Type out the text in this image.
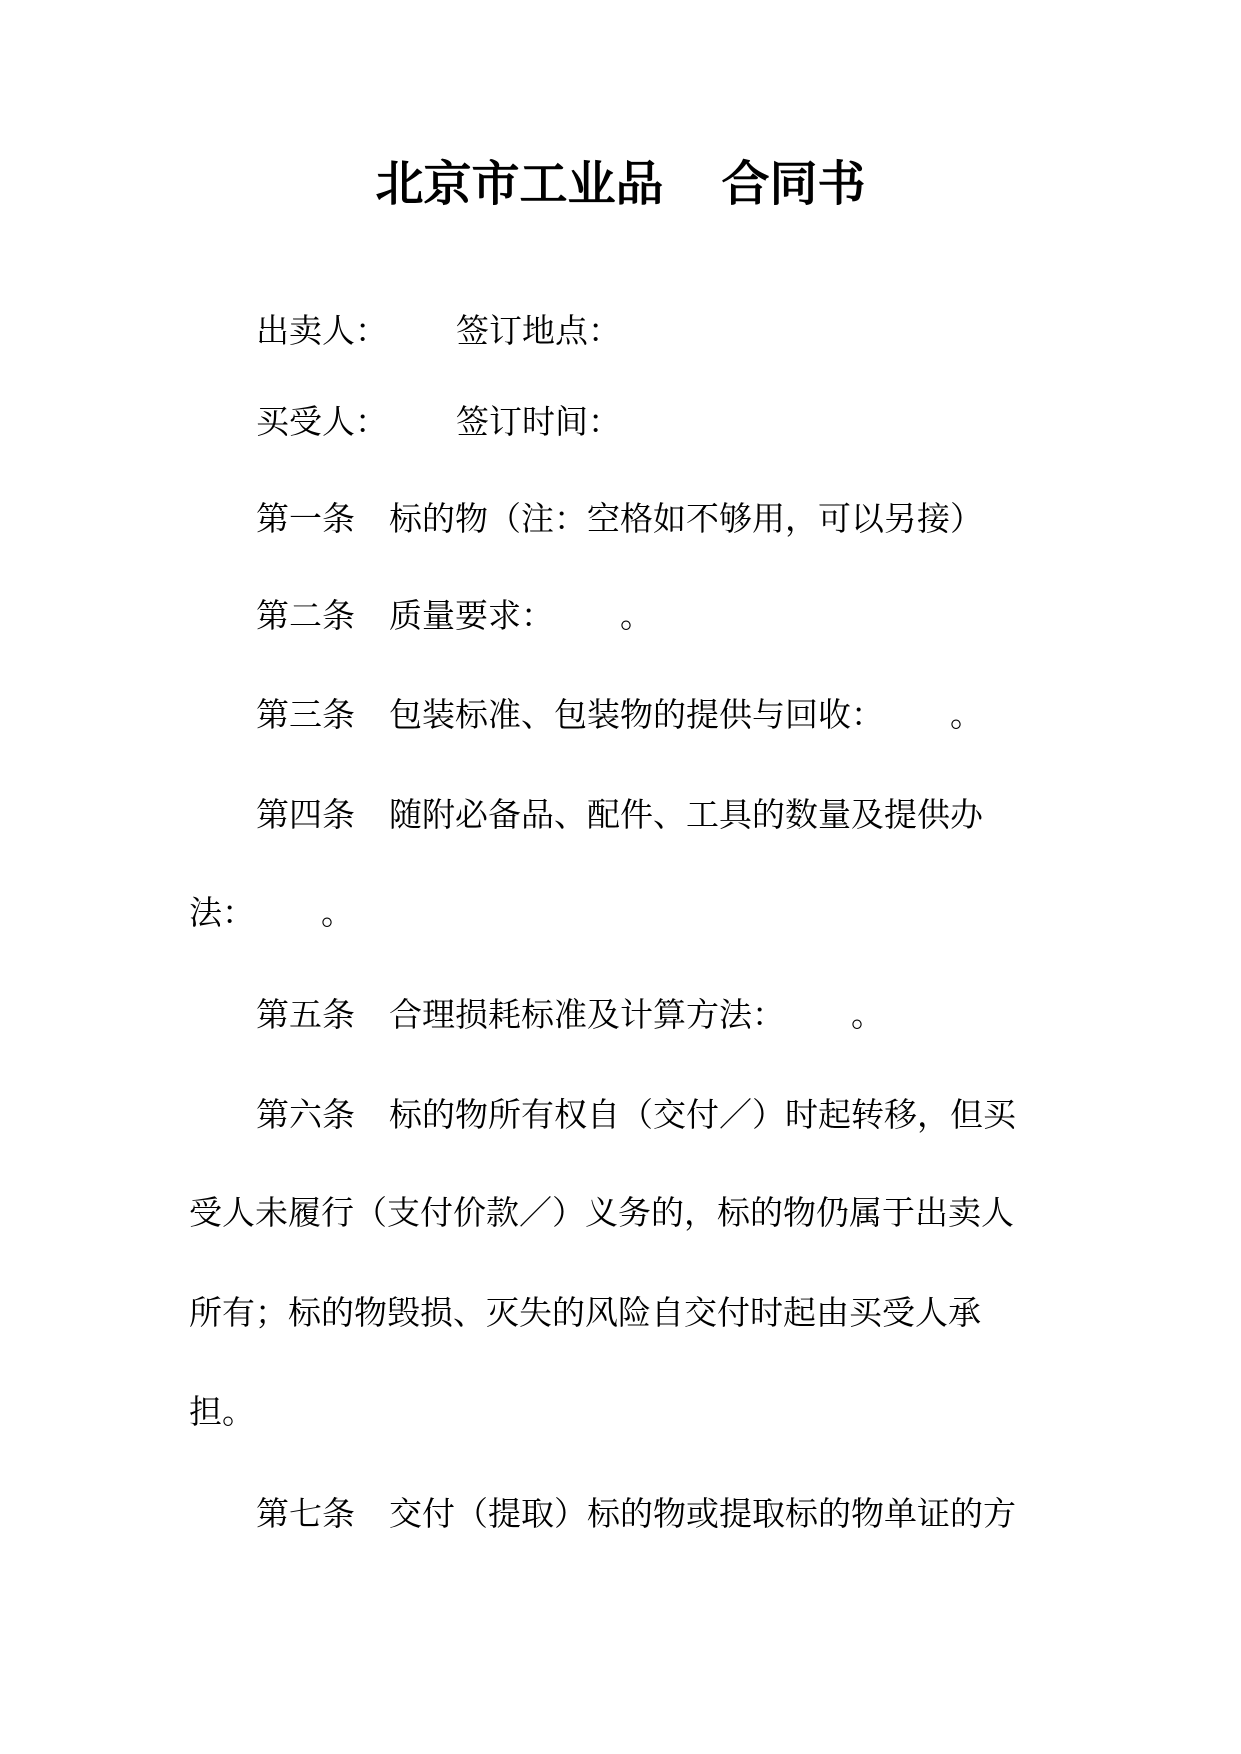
北京市工业品 合同书
出卖人： 签订地点：
买受人： 签订时间：
第一条 标的物（注：空格如不够用，可以另接）
第二条 质量要求： 。
第三条 包装标准、包装物的提供与回收： 。
第四条 随附必备品、配件、工具的数量及提供办
法： 。
第五条 合理损耗标准及计算方法： 。
第六条 标的物所有权自（交付／）时起转移，但买
受人未履行（支付价款／）义务的，标的物仍属于出卖人
所有；标的物毁损、灭失的风险自交付时起由买受人承
担。
第七条 交付（提取）标的物或提取标的物单证的方
